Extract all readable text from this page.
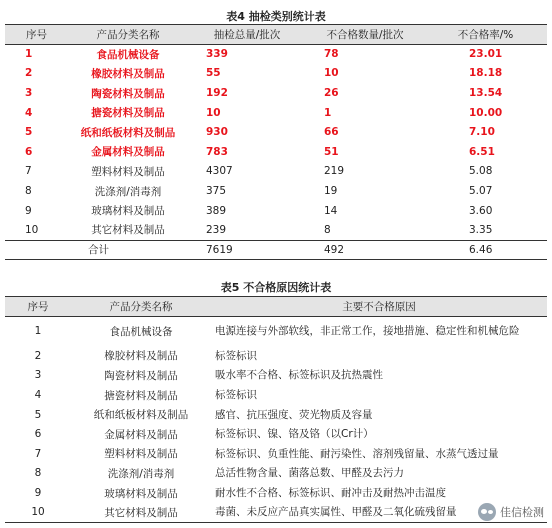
表4 抽检类别统计表
序号	产品分类名称	抽检总量/批次	不合格数量/批次	不合格率/%
1	食品机械设备	339	78	23.01
2	橡胶材料及制品	55	10	18.18
3	陶瓷材料及制品	192	26	13.54
4	搪瓷材料及制品	10	1	10.00
5	纸和纸板材料及制品	930	66	7.10
6	金属材料及制品	783	51	6.51
7	塑料材料及制品	4307	219	5.08
8	洗涤剂/消毒剂	375	19	5.07
9	玻璃材料及制品	389	14	3.60
10	其它材料及制品	239	8	3.35
	合计	7619	492	6.46
表5 不合格原因统计表
序号	产品分类名称	主要不合格原因
1	食品机械设备	电源连接与外部软线，非正常工作，接地措施、稳定性和机械危险
2	橡胶材料及制品	标签标识
3	陶瓷材料及制品	吸水率不合格、标签标识及抗热震性
4	搪瓷材料及制品	标签标识
5	纸和纸板材料及制品	感官、抗压强度、荧光物质及容量
6	金属材料及制品	标签标识、镍、铬及铬（以Cr计）
7	塑料材料及制品	标签标识、负重性能、耐污染性、溶剂残留量、水蒸气透过量
8	洗涤剂/消毒剂	总活性物含量、菌落总数、甲醛及去污力
9	玻璃材料及制品	耐水性不合格、标签标识、耐冲击及耐热冲击温度
10	其它材料及制品	毒菌、未反应产品真实属性、甲醛及二氧化硫残留量	佳信检测
